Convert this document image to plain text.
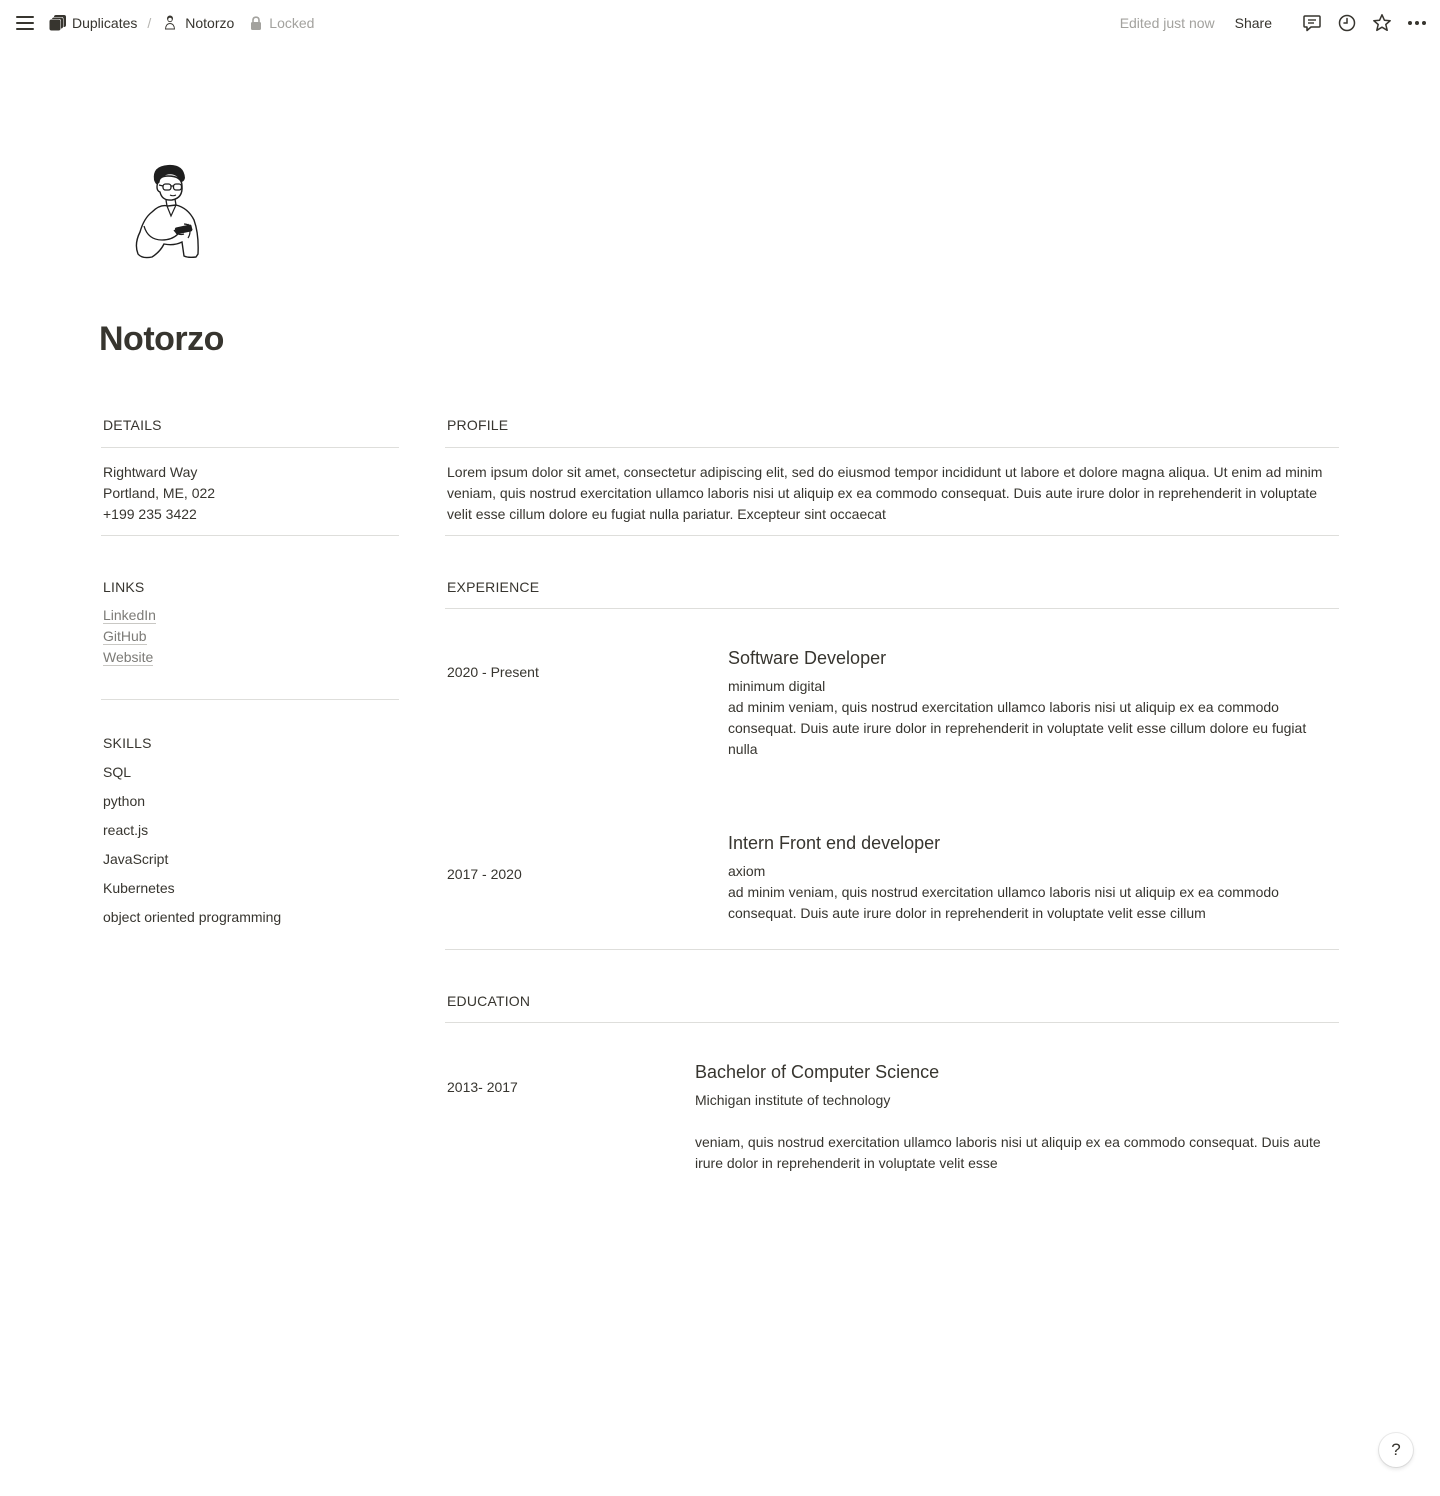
Duplicates / Notorzo	Locked	Edited just now Share
Notorzo
DETAILS
Rightward Way
Portland, ME, 022
+199 235 3422
LINKS
LinkedIn
GitHub
Website
SKILLS
SQL
python
react.js
JavaScript
Kubernetes
object oriented programming
PROFILE
Lorem ipsum dolor sit amet, consectetur adipiscing elit, sed do eiusmod tempor incididunt ut labore et dolore magna aliqua. Ut enim ad minim veniam, quis nostrud exercitation ullamco laboris nisi ut aliquip ex ea commodo consequat. Duis aute irure dolor in reprehenderit in voluptate velit esse cillum dolore eu fugiat nulla pariatur. Excepteur sint occaecat
EXPERIENCE
2020 - Present
Software Developer
minimum digital
ad minim veniam, quis nostrud exercitation ullamco laboris nisi ut aliquip ex ea commodo consequat. Duis aute irure dolor in reprehenderit in voluptate velit esse cillum dolore eu fugiat nulla
2017 - 2020
Intern Front end developer
axiom
ad minim veniam, quis nostrud exercitation ullamco laboris nisi ut aliquip ex ea commodo consequat. Duis aute irure dolor in reprehenderit in voluptate velit esse cillum
EDUCATION
2013- 2017
Bachelor of Computer Science
Michigan institute of technology
veniam, quis nostrud exercitation ullamco laboris nisi ut aliquip ex ea commodo consequat. Duis aute irure dolor in reprehenderit in voluptate velit esse
?
